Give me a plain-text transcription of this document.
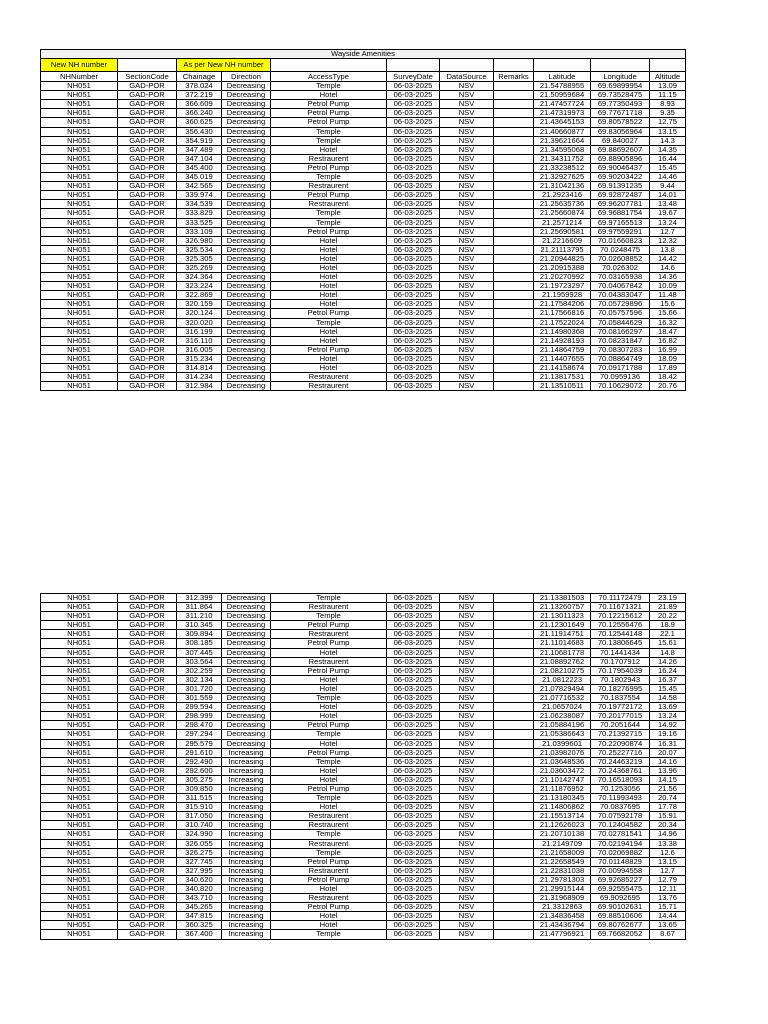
Wayside Amenities										
New NH number		As per New NH number								
NHNumber	SectionCode	Chainage	Direction	AccessType	SurveyDate	DataSource	Remarks	Latitude	Longitude	Altitude
NH051	GAD-POR	378.024	Decreasing	Temple	06-03-2025	NSV		21.54788955	69.69899954	13.09
NH051	GAD-POR	372.219	Decreasing	Hotel	06-03-2025	NSV		21.50959684	69.73528475	11.15
NH051	GAD-POR	366.609	Decreasing	Petrol Pump	06-03-2025	NSV		21.47457724	69.77350493	8.93
NH051	GAD-POR	366.240	Decreasing	Petrol Pump	06-03-2025	NSV		21.47319973	69.77671718	9.35
NH051	GAD-POR	360.625	Decreasing	Petrol Pump	06-03-2025	NSV		21.43645153	69.80578522	12.75
NH051	GAD-POR	356.430	Decreasing	Temple	06-03-2025	NSV		21.40660877	69.83056964	13.15
NH051	GAD-POR	354.919	Decreasing	Temple	06-03-2025	NSV		21.39621664	69.840027	14.3
NH051	GAD-POR	347.489	Decreasing	Hotel	06-03-2025	NSV		21.34595068	69.88692607	14.35
NH051	GAD-POR	347.104	Decreasing	Restraurent	06-03-2025	NSV		21.34311752	69.88905896	16.44
NH051	GAD-POR	345.400	Decreasing	Petrol Pump	06-03-2025	NSV		21.33238512	69.90046437	15.45
NH051	GAD-POR	345.019	Decreasing	Temple	06-03-2025	NSV		21.32927625	69.90203422	14.46
NH051	GAD-POR	342.565	Decreasing	Restraurent	06-03-2025	NSV		21.31042136	69.91391235	9.44
NH051	GAD-POR	339.974	Decreasing	Petrol Pump	06-03-2025	NSV		21.2923416	69.92872487	14.01
NH051	GAD-POR	334.539	Decreasing	Restraurent	06-03-2025	NSV		21.25635736	69.96207781	13.48
NH051	GAD-POR	333.829	Decreasing	Temple	06-03-2025	NSV		21.25660874	69.96881754	19.67
NH051	GAD-POR	333.525	Decreasing	Temple	06-03-2025	NSV		21.2571214	69.97165513	13.24
NH051	GAD-POR	333.109	Decreasing	Petrol Pump	06-03-2025	NSV		21.25690581	69.97559291	12.7
NH051	GAD-POR	326.980	Decreasing	Hotel	06-03-2025	NSV		21.2216609	70.01660823	12.32
NH051	GAD-POR	325.534	Decreasing	Hotel	06-03-2025	NSV		21.21113795	70.0248475	13.8
NH051	GAD-POR	325.305	Decreasing	Hotel	06-03-2025	NSV		21.20944825	70.02608852	14.42
NH051	GAD-POR	325.269	Decreasing	Hotel	06-03-2025	NSV		21.20915388	70.026302	14.6
NH051	GAD-POR	324.364	Decreasing	Hotel	06-03-2025	NSV		21.20270992	70.03165938	14.36
NH051	GAD-POR	323.224	Decreasing	Hotel	06-03-2025	NSV		21.19723297	70.04067842	10.09
NH051	GAD-POR	322.869	Decreasing	Hotel	06-03-2025	NSV		21.1959928	70.04383047	11.48
NH051	GAD-POR	320.159	Decreasing	Hotel	06-03-2025	NSV		21.17584206	70.05729896	15.6
NH051	GAD-POR	320.124	Decreasing	Petrol Pump	06-03-2025	NSV		21.17566816	70.05757596	15.66
NH051	GAD-POR	320.020	Decreasing	Temple	06-03-2025	NSV		21.17522024	70.05844629	16.32
NH051	GAD-POR	316.199	Decreasing	Hotel	06-03-2025	NSV		21.14980368	70.08166297	18.47
NH051	GAD-POR	316.110	Decreasing	Hotel	06-03-2025	NSV		21.14928193	70.08231847	16.82
NH051	GAD-POR	316.005	Decreasing	Petrol Pump	06-03-2025	NSV		21.14864759	70.08307283	16.99
NH051	GAD-POR	315.234	Decreasing	Hotel	06-03-2025	NSV		21.14407655	70.08864749	18.09
NH051	GAD-POR	314.814	Decreasing	Hotel	06-03-2025	NSV		21.14158674	70.09171788	17.89
NH051	GAD-POR	314.234	Decreasing	Restraurent	06-03-2025	NSV		21.13817531	70.0959136	18.42
NH051	GAD-POR	312.984	Decreasing	Restraurent	06-03-2025	NSV		21.13510511	70.10629072	20.76
NH051	GAD-POR	312.399	Decreasing	Temple	06-03-2025	NSV		21.13381503	70.11172479	23.19
NH051	GAD-POR	311.864	Decreasing	Restraurent	06-03-2025	NSV		21.13260757	70.11671321	21.89
NH051	GAD-POR	311.210	Decreasing	Temple	06-03-2025	NSV		21.13011323	70.12215612	20.22
NH051	GAD-POR	310.345	Decreasing	Petrol Pump	06-03-2025	NSV		21.12301649	70.12556476	18.9
NH051	GAD-POR	309.894	Decreasing	Restraurent	06-03-2025	NSV		21.11914751	70.12544148	22.1
NH051	GAD-POR	308.185	Decreasing	Petrol Pump	06-03-2025	NSV		21.11014683	70.13806645	15.61
NH051	GAD-POR	307.445	Decreasing	Hotel	06-03-2025	NSV		21.10681778	70.1441434	14.8
NH051	GAD-POR	303.564	Decreasing	Restraurent	06-03-2025	NSV		21.08892762	70.1707912	14.26
NH051	GAD-POR	302.259	Decreasing	Petrol Pump	06-03-2025	NSV		21.08210275	70.17954039	16.24
NH051	GAD-POR	302.134	Decreasing	Hotel	06-03-2025	NSV		21.0812223	70.1802943	16.37
NH051	GAD-POR	301.720	Decreasing	Hotel	06-03-2025	NSV		21.07829494	70.18276995	15.45
NH051	GAD-POR	301.559	Decreasing	Temple	06-03-2025	NSV		21.07716532	70.1837554	14.58
NH051	GAD-POR	299.594	Decreasing	Hotel	06-03-2025	NSV		21.0657024	70.19772172	13.69
NH051	GAD-POR	298.999	Decreasing	Hotel	06-03-2025	NSV		21.06238087	70.20177015	13.24
NH051	GAD-POR	298.470	Decreasing	Petrol Pump	06-03-2025	NSV		21.05884196	70.2051644	14.92
NH051	GAD-POR	297.294	Decreasing	Temple	06-03-2025	NSV		21.05386643	70.21392715	19.16
NH051	GAD-POR	295.579	Decreasing	Hotel	06-03-2025	NSV		21.0399601	70.22090874	16.31
NH051	GAD-POR	291.610	Increasing	Petrol Pump	06-03-2025	NSV		21.03982076	70.25227716	20.07
NH051	GAD-POR	292.490	Increasing	Temple	06-03-2025	NSV		21.03648536	70.24463219	14.16
NH051	GAD-POR	292.600	Increasing	Hotel	06-03-2025	NSV		21.03603472	70.24368761	13.96
NH051	GAD-POR	305.275	Increasing	Hotel	06-03-2025	NSV		21.10142747	70.16518093	14.15
NH051	GAD-POR	309.850	Increasing	Petrol Pump	06-03-2025	NSV		21.11876952	70.1253056	21.56
NH051	GAD-POR	311.515	Increasing	Temple	06-03-2025	NSV		21.13180345	70.11993493	20.74
NH051	GAD-POR	315.910	Increasing	Hotel	06-03-2025	NSV		21.14806862	70.0837695	17.78
NH051	GAD-POR	317.050	Increasing	Restraurent	06-03-2025	NSV		21.15513714	70.07592178	15.91
NH051	GAD-POR	310.740	Increasing	Restraurent	06-03-2025	NSV		21.12626023	70.12404582	20.34
NH051	GAD-POR	324.990	Increasing	Temple	06-03-2025	NSV		21.20710138	70.02781541	14.96
NH051	GAD-POR	326.055	Increasing	Restraurent	06-03-2025	NSV		21.2149709	70.02194194	13.38
NH051	GAD-POR	326.275	Increasing	Temple	06-03-2025	NSV		21.21658009	70.02069882	12.6
NH051	GAD-POR	327.745	Increasing	Petrol Pump	06-03-2025	NSV		21.22658549	70.01148829	13.15
NH051	GAD-POR	327.995	Increasing	Restraurent	06-03-2025	NSV		21.22831038	70.00994558	12.7
NH051	GAD-POR	340.620	Increasing	Petrol Pump	06-03-2025	NSV		21.29781303	69.92685227	12.79
NH051	GAD-POR	340.820	Increasing	Hotel	06-03-2025	NSV		21.29915144	69.92555475	12.11
NH051	GAD-POR	343.710	Increasing	Restraurent	06-03-2025	NSV		21.31968909	69.9092695	13.76
NH051	GAD-POR	345.265	Increasing	Petrol Pump	06-03-2025	NSV		21.3312863	69.90102631	15.71
NH051	GAD-POR	347.815	Increasing	Hotel	06-03-2025	NSV		21.34836458	69.88510606	14.44
NH051	GAD-POR	360.325	Increasing	Hotel	06-03-2025	NSV		21.43436794	69.80762677	13.65
NH051	GAD-POR	367.400	Increasing	Temple	06-03-2025	NSV		21.47796921	69.76682052	8.67
